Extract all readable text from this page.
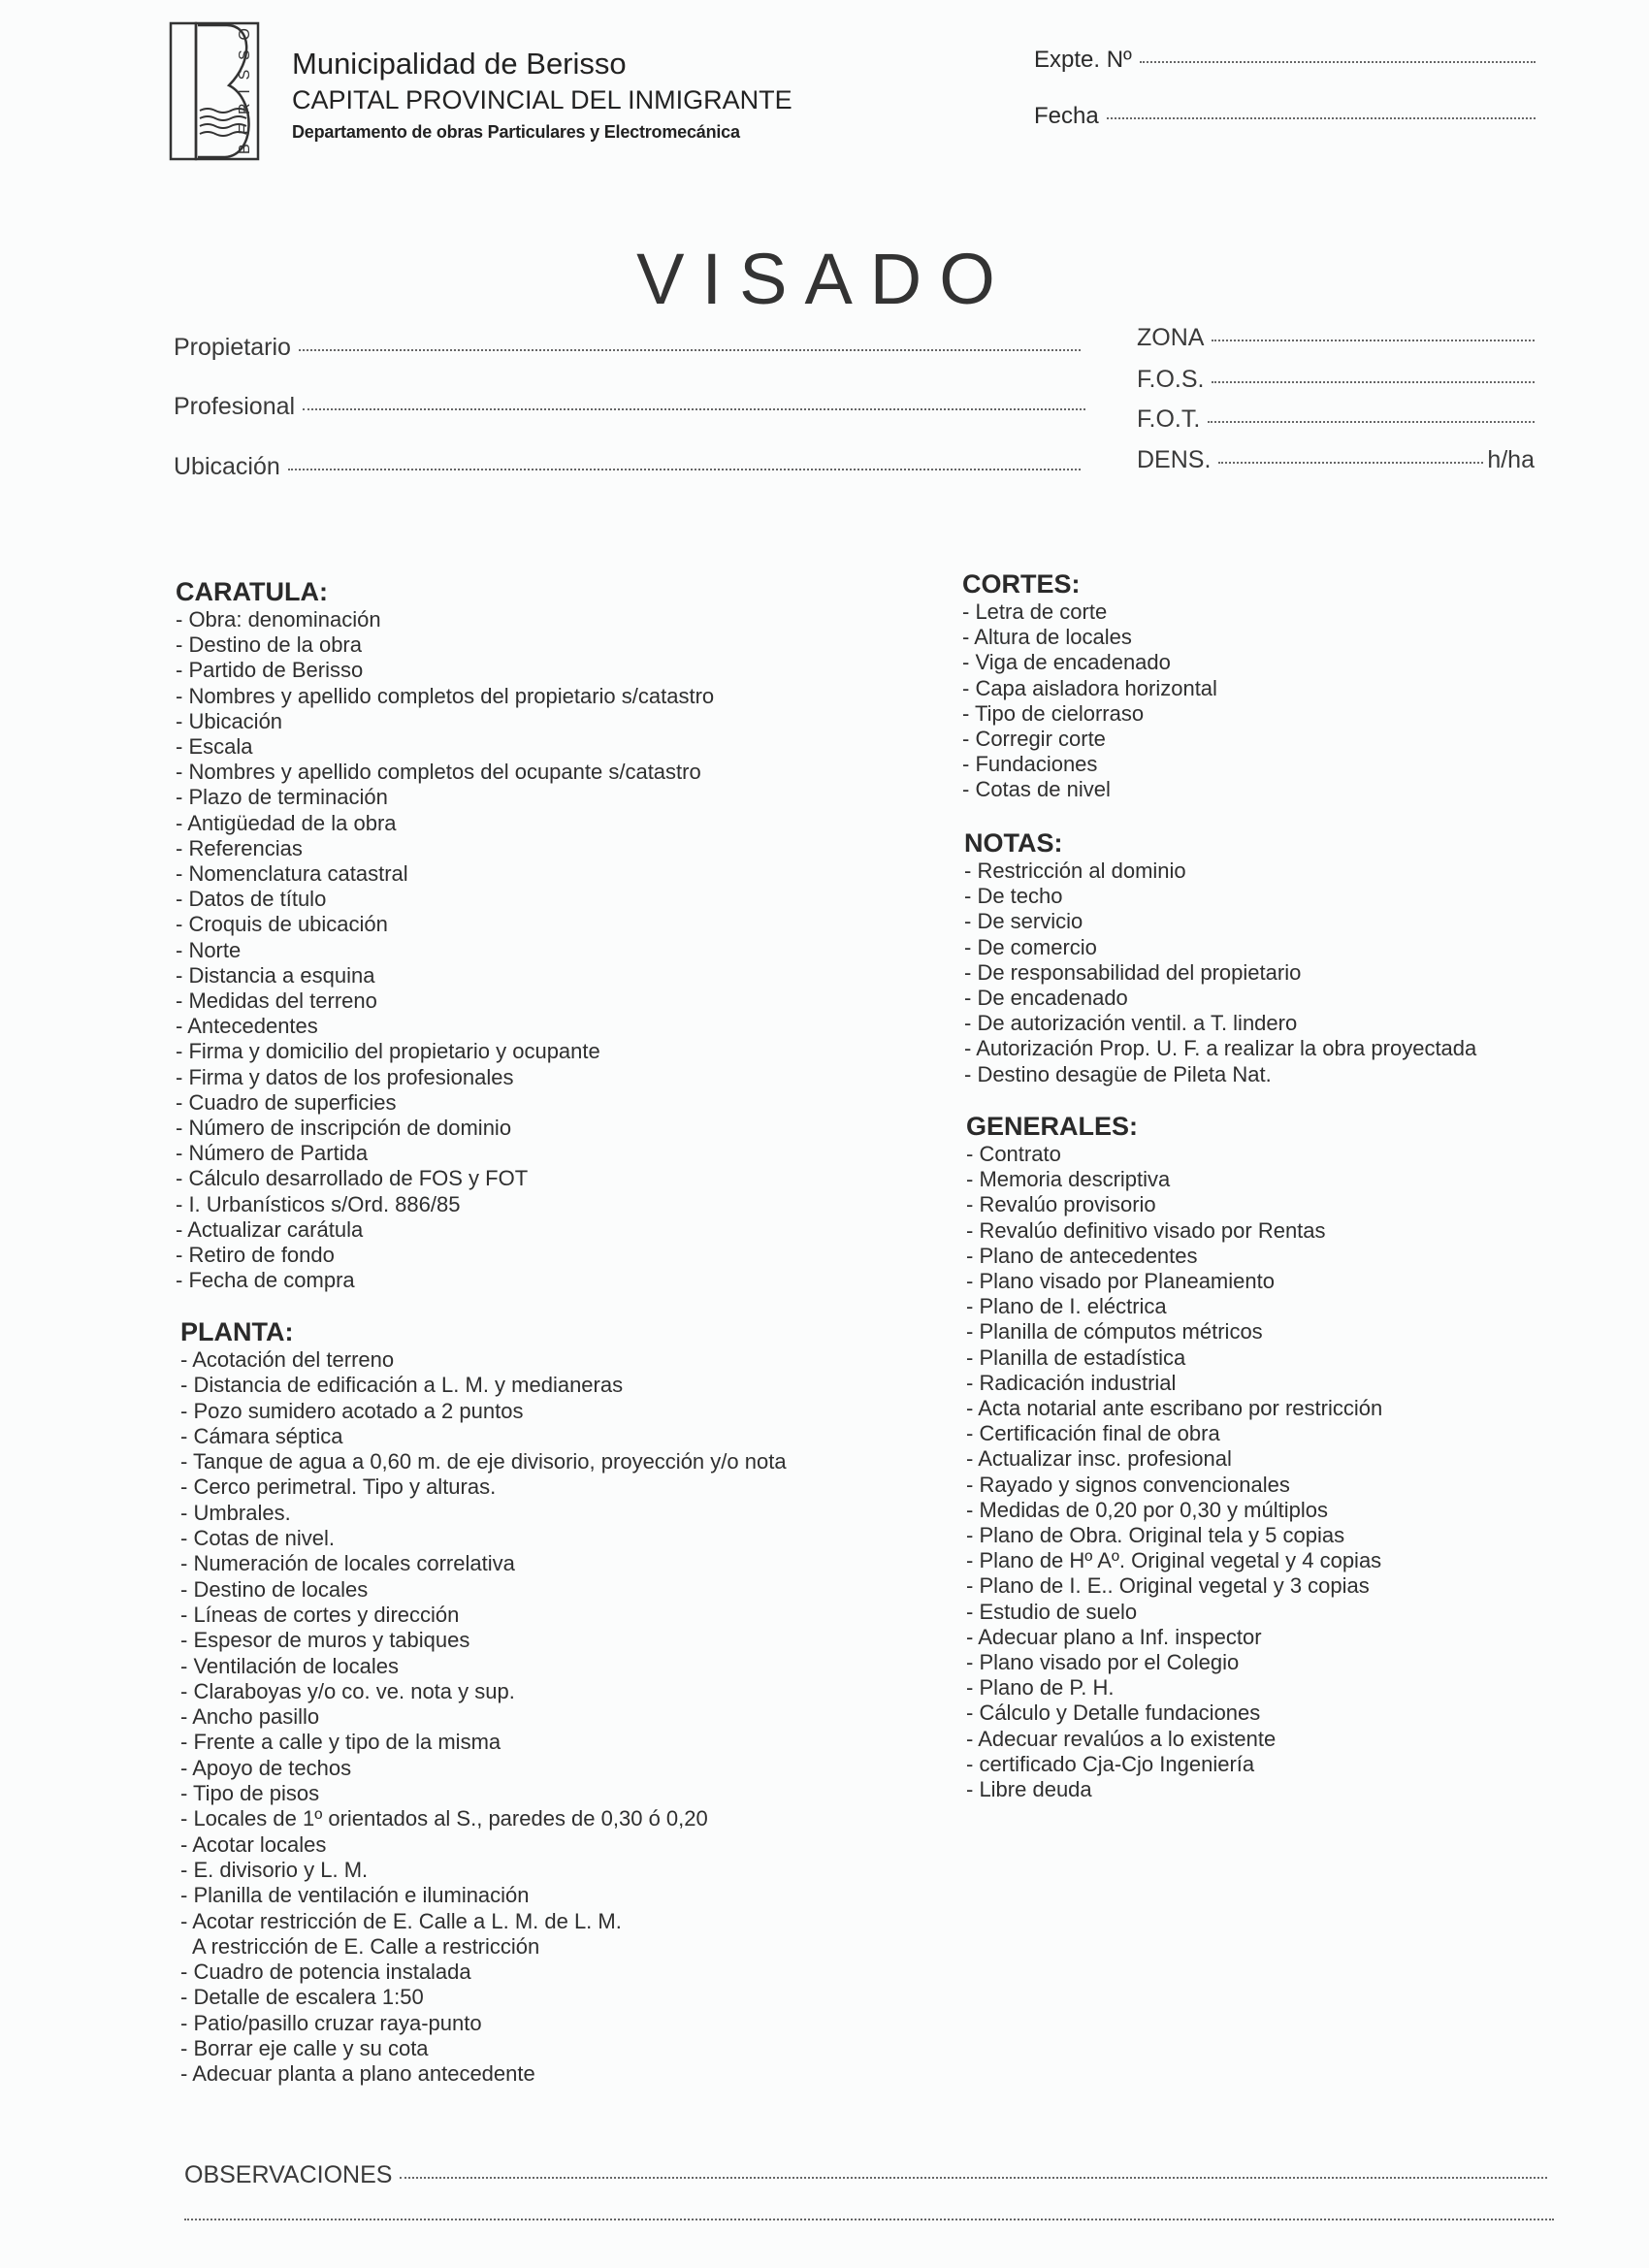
BERISSO
Municipalidad de Berisso
CAPITAL PROVINCIAL DEL INMIGRANTE
Departamento de obras Particulares y Electromecánica
Expte. Nº
Fecha
VISADO
Propietario
Profesional
Ubicación
ZONA
F.O.S.
F.O.T.
DENS.	h/ha
CARATULA:
- Obra: denominación
- Destino de la obra
- Partido de Berisso
- Nombres y apellido completos del propietario s/catastro
- Ubicación
- Escala
- Nombres y apellido completos del ocupante s/catastro
- Plazo de terminación
- Antigüedad de la obra
- Referencias
- Nomenclatura catastral
- Datos de título
- Croquis de ubicación
- Norte
- Distancia a esquina
- Medidas del terreno
- Antecedentes
- Firma y domicilio del propietario y ocupante
- Firma y datos de los profesionales
- Cuadro de superficies
- Número de inscripción de dominio
- Número de Partida
- Cálculo desarrollado de FOS y FOT
- I. Urbanísticos s/Ord. 886/85
- Actualizar carátula
- Retiro de fondo
- Fecha de compra
PLANTA:
- Acotación del terreno
- Distancia de edificación a L. M. y medianeras
- Pozo sumidero acotado a 2 puntos
- Cámara séptica
- Tanque de agua a 0,60 m. de eje divisorio, proyección y/o nota
- Cerco perimetral. Tipo y alturas.
- Umbrales.
- Cotas de nivel.
- Numeración de locales correlativa
- Destino de locales
- Líneas de cortes y dirección
- Espesor de muros y tabiques
- Ventilación de locales
- Claraboyas y/o co. ve. nota y sup.
- Ancho pasillo
- Frente a calle y tipo de la misma
- Apoyo de techos
- Tipo de pisos
- Locales de 1º orientados al S., paredes de 0,30 ó 0,20
- Acotar locales
- E. divisorio y L. M.
- Planilla de ventilación e iluminación
- Acotar restricción de E. Calle a L. M. de L. M.
A restricción de E. Calle a restricción
- Cuadro de potencia instalada
- Detalle de escalera 1:50
- Patio/pasillo cruzar raya-punto
- Borrar eje calle y su cota
- Adecuar planta a plano antecedente
CORTES:
- Letra de corte
- Altura de locales
- Viga de encadenado
- Capa aisladora horizontal
- Tipo de cielorraso
- Corregir corte
- Fundaciones
- Cotas de nivel
NOTAS:
- Restricción al dominio
- De techo
- De servicio
- De comercio
- De responsabilidad del propietario
- De encadenado
- De autorización ventil. a T. lindero
- Autorización Prop. U. F. a realizar la obra proyectada
- Destino desagüe de Pileta Nat.
GENERALES:
- Contrato
- Memoria descriptiva
- Revalúo provisorio
- Revalúo definitivo visado por Rentas
- Plano de antecedentes
- Plano visado por Planeamiento
- Plano de I. eléctrica
- Planilla de cómputos métricos
- Planilla de estadística
- Radicación industrial
- Acta notarial ante escribano por restricción
- Certificación final de obra
- Actualizar insc. profesional
- Rayado y signos convencionales
- Medidas de 0,20 por 0,30 y múltiplos
- Plano de Obra. Original tela y 5 copias
- Plano de Hº Aº. Original vegetal y 4 copias
- Plano de I. E.. Original vegetal y 3 copias
- Estudio de suelo
- Adecuar plano a Inf. inspector
- Plano visado por el Colegio
- Plano de P. H.
- Cálculo y Detalle fundaciones
- Adecuar revalúos a lo existente
- certificado Cja-Cjo Ingeniería
- Libre deuda
OBSERVACIONES
